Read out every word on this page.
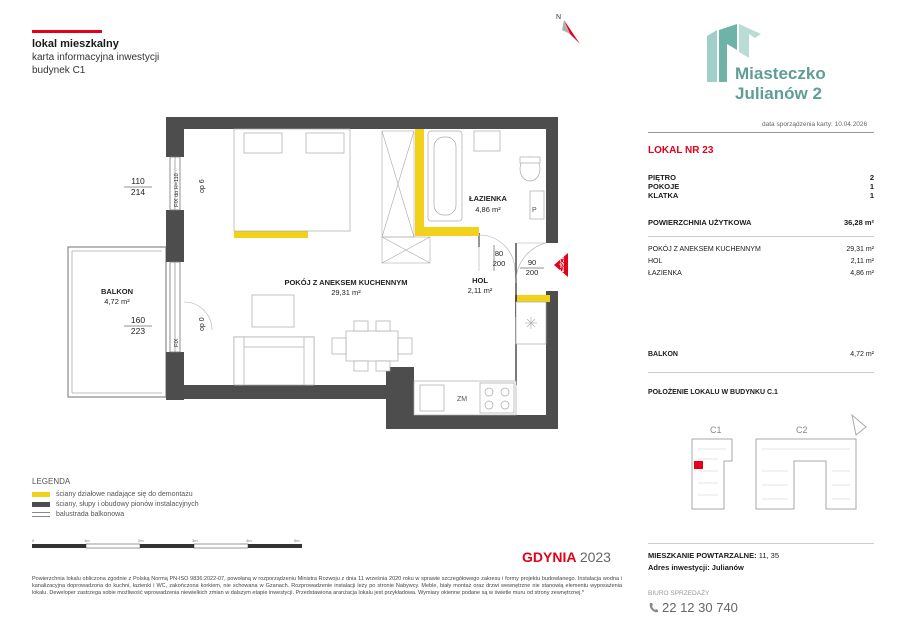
lokal mieszkalny
karta informacyjna inwestycji
budynek C1
N
P
ZM
WEJŚCIE
ŁAZIENKA
POKÓJ Z ANEKSEM KUCHENNYM	HOL
BALKON
4,86 m²
29,31 m²	2,11 m²
4,72 m²
110
214
160
223
80
200	90
200
FIX do H=110	op 6
FIX
op 0
LEGENDA
ściany działowe nadające się do demontażu
ściany, słupy i obudowy pionów instalacyjnych
balustrada balkonowa
0	1m	2m	3m	4m	5m
GDYNIA 2023
Powierzchnia lokalu obliczona zgodnie z Polską Normą PN-ISO 9836:2022-07, powołaną w rozporządzeniu Ministra Rozwoju z dnia 11 września 2020 roku w sprawie szczegółowego zakresu i formy projektu budowlanego. Instalacja wodna i kanalizacyjna doprowadzona do kuchni, łazienki i WC, zakończona korkiem, nie schowana w Gzanach. Rozprowadzenie instalacji leży po stronie Nabywcy. Meble, biały montaż oraz drzwi wewnętrzne nie stanowią elementu wyposażenia lokalu. Deweloper zastrzega sobie możliwość wprowadzenia niewielkich zmian w dalszym etapie inwestycji. Przedstawiona aranżacja lokalu jest przykładowa. Wymiary okienne podane są w świetle muru od strony zewnętrznej.*
Miasteczko
Julianów 2
data sporządzenia karty: 10.04.2026
LOKAL NR 23
PIĘTRO	2
POKOJE	1
KLATKA	1
POWIERZCHNIA UŻYTKOWA	36,28 m²
POKÓJ Z ANEKSEM KUCHENNYM	29,31 m²
HOL	2,11 m²
ŁAZIENKA	4,86 m²
BALKON	4,72 m²
POŁOŻENIE LOKALU W BUDYNKU C.1
C1	C2
MIESZKANIE POWTARZALNE: 11, 35
Adres inwestycji: Julianów
BIURO SPRZEDAŻY
22 12 30 740
